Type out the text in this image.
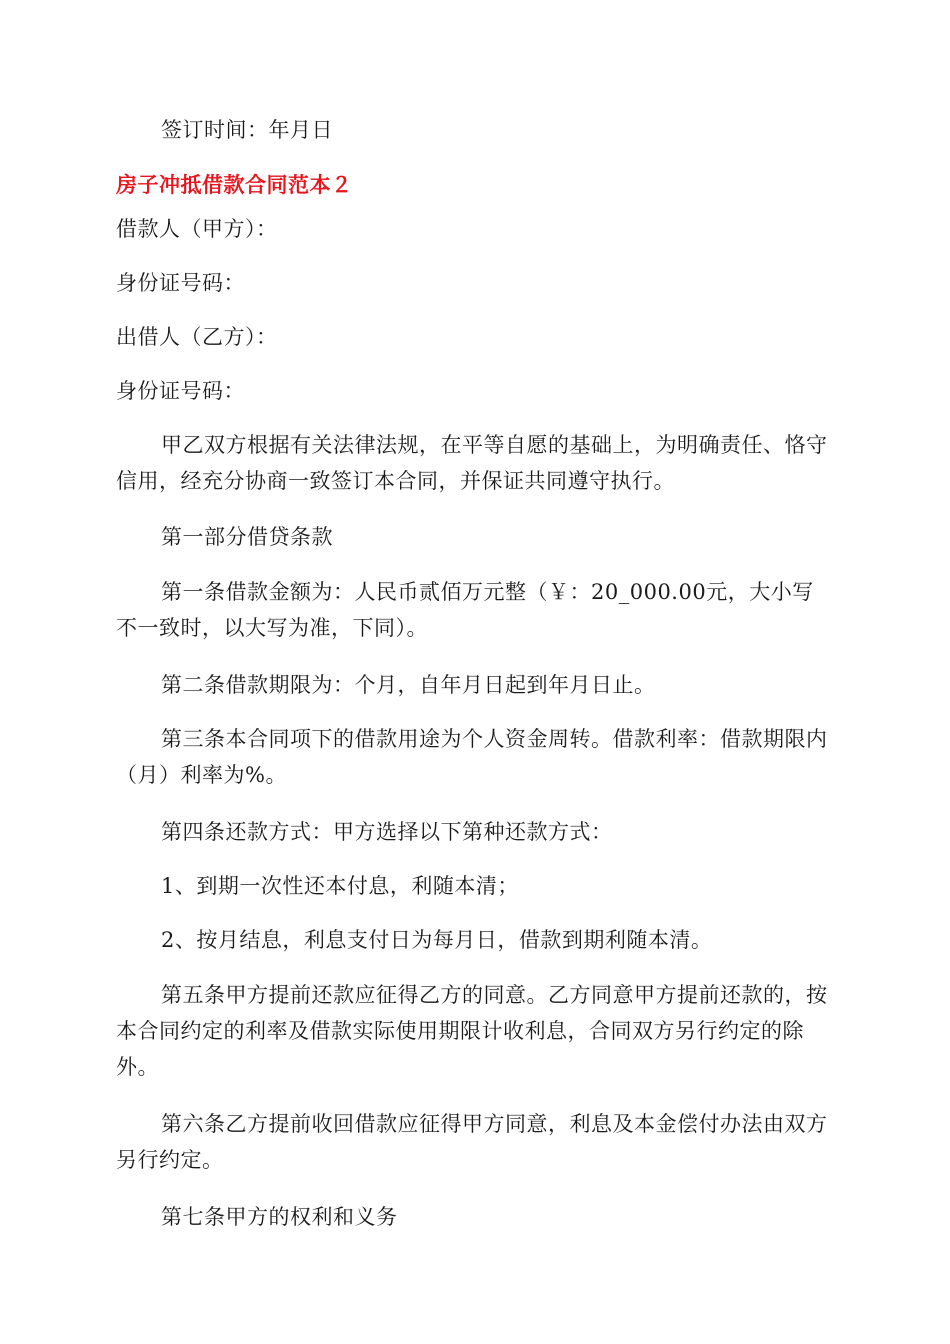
签订时间：年月日

房子冲抵借款合同范本２

借款人（甲方）：

身份证号码：

出借人（乙方）：

身份证号码：

甲乙双方根据有关法律法规，在平等自愿的基础上，为明确责任、恪守信用，经充分协商一致签订本合同，并保证共同遵守执行。

第一部分借贷条款

第一条借款金额为：人民币贰佰万元整（￥：20_000.00元，大小写不一致时，以大写为准，下同）。

第二条借款期限为：个月，自年月日起到年月日止。

第三条本合同项下的借款用途为个人资金周转。借款利率：借款期限内（月）利率为%。

第四条还款方式：甲方选择以下第种还款方式：

1、到期一次性还本付息，利随本清；

2、按月结息，利息支付日为每月日，借款到期利随本清。

第五条甲方提前还款应征得乙方的同意。乙方同意甲方提前还款的，按本合同约定的利率及借款实际使用期限计收利息，合同双方另行约定的除外。

第六条乙方提前收回借款应征得甲方同意，利息及本金偿付办法由双方另行约定。

第七条甲方的权利和义务
